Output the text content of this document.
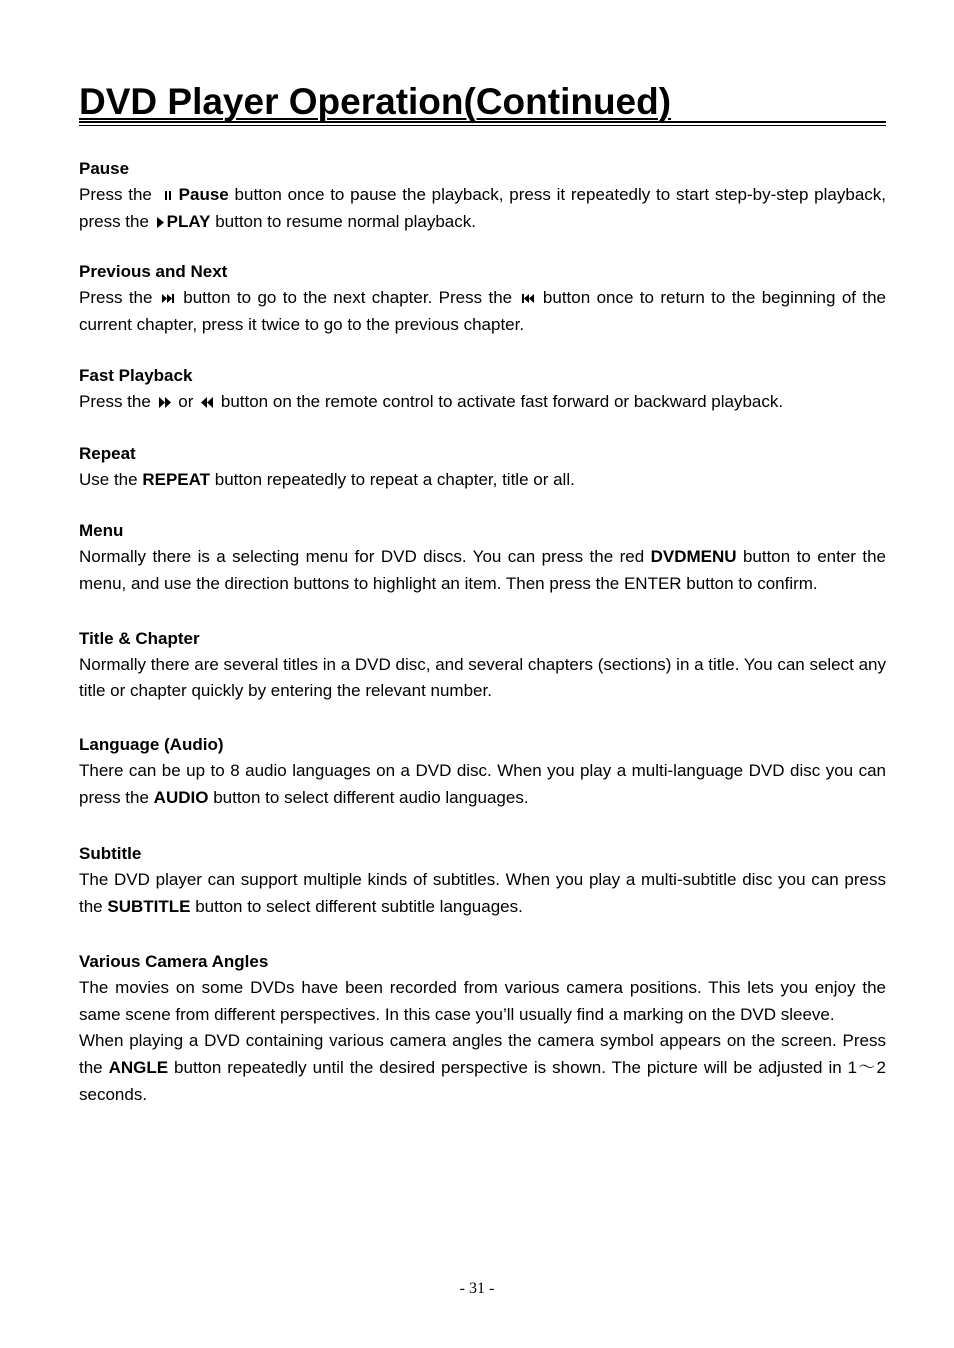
DVD Player Operation(Continued)

Pause

Press the Pause button once to pause the playback, press it repeatedly to start step-by-step playback, press the PLAY button to resume normal playback.

Previous and Next

Press the button to go to the next chapter. Press the button once to return to the beginning of the current chapter, press it twice to go to the previous chapter.

Fast Playback

Press the or button on the remote control to activate fast forward or backward playback.

Repeat

Use the REPEAT button repeatedly to repeat a chapter, title or all.

Menu

Normally there is a selecting menu for DVD discs. You can press the red DVDMENU button to enter the menu, and use the direction buttons to highlight an item. Then press the ENTER button to confirm.

Title & Chapter

Normally there are several titles in a DVD disc, and several chapters (sections) in a title. You can select any title or chapter quickly by entering the relevant number.

Language (Audio)

There can be up to 8 audio languages on a DVD disc. When you play a multi-language DVD disc you can press the AUDIO button to select different audio languages.

Subtitle

The DVD player can support multiple kinds of subtitles. When you play a multi-subtitle disc you can press the SUBTITLE button to select different subtitle languages.

Various Camera Angles

The movies on some DVDs have been recorded from various camera positions. This lets you enjoy the same scene from different perspectives. In this case you’ll usually find a marking on the DVD sleeve.

When playing a DVD containing various camera angles the camera symbol appears on the screen. Press the ANGLE button repeatedly until the desired perspective is shown. The picture will be adjusted in 1～2 seconds.

- 31 -
